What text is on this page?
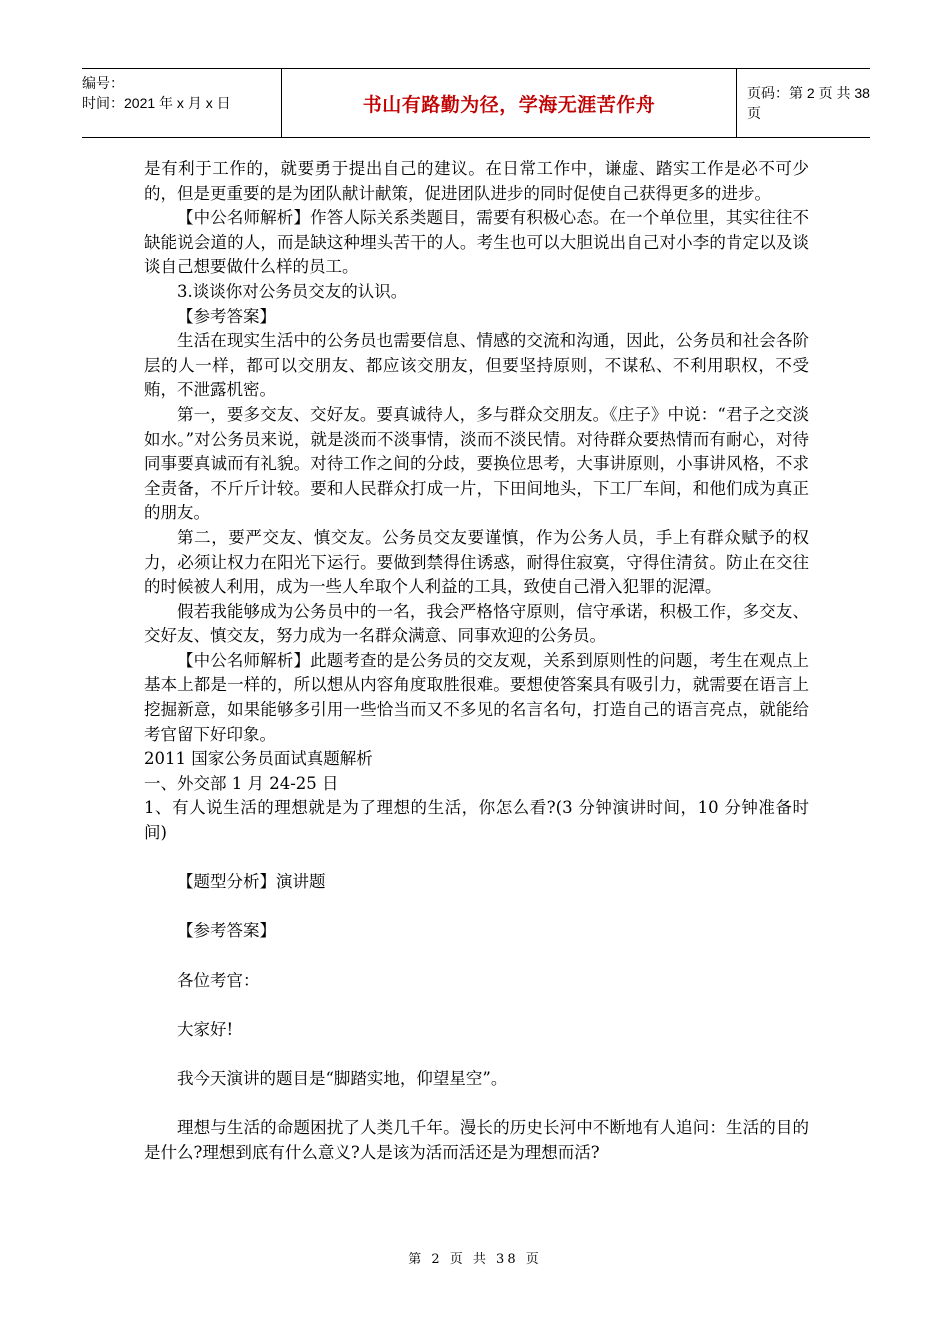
编号：
时间：2021 年 x 月 x 日	书山有路勤为径，学海无涯苦作舟
页码：第 2 页 共 38 页

是有利于工作的，就要勇于提出自己的建议。在日常工作中，谦虚、踏实工作是必不可少的，但是更重要的是为团队献计献策，促进团队进步的同时促使自己获得更多的进步。

【中公名师解析】作答人际关系类题目，需要有积极心态。在一个单位里，其实往往不缺能说会道的人，而是缺这种埋头苦干的人。考生也可以大胆说出自己对小李的肯定以及谈谈自己想要做什么样的员工。

3.谈谈你对公务员交友的认识。

【参考答案】

生活在现实生活中的公务员也需要信息、情感的交流和沟通，因此，公务员和社会各阶层的人一样，都可以交朋友、都应该交朋友，但要坚持原则，不谋私、不利用职权，不受贿，不泄露机密。

第一，要多交友、交好友。要真诚待人，多与群众交朋友。《庄子》中说：“君子之交淡如水。”对公务员来说，就是淡而不淡事情，淡而不淡民情。对待群众要热情而有耐心，对待同事要真诚而有礼貌。对待工作之间的分歧，要换位思考，大事讲原则，小事讲风格，不求全责备，不斤斤计较。要和人民群众打成一片，下田间地头，下工厂车间，和他们成为真正的朋友。

第二，要严交友、慎交友。公务员交友要谨慎，作为公务人员，手上有群众赋予的权力，必须让权力在阳光下运行。要做到禁得住诱惑，耐得住寂寞，守得住清贫。防止在交往的时候被人利用，成为一些人牟取个人利益的工具，致使自己滑入犯罪的泥潭。

假若我能够成为公务员中的一名，我会严格恪守原则，信守承诺，积极工作，多交友、交好友、慎交友，努力成为一名群众满意、同事欢迎的公务员。

【中公名师解析】此题考查的是公务员的交友观，关系到原则性的问题，考生在观点上基本上都是一样的，所以想从内容角度取胜很难。要想使答案具有吸引力，就需要在语言上挖掘新意，如果能够多引用一些恰当而又不多见的名言名句，打造自己的语言亮点，就能给考官留下好印象。

2011 国家公务员面试真题解析

一、外交部 1 月 24-25 日

1、有人说生活的理想就是为了理想的生活，你怎么看?(3 分钟演讲时间，10 分钟准备时间)

【题型分析】演讲题

【参考答案】

各位考官：

大家好!

我今天演讲的题目是“脚踏实地，仰望星空”。

理想与生活的命题困扰了人类几千年。漫长的历史长河中不断地有人追问：生活的目的是什么?理想到底有什么意义?人是该为活而活还是为理想而活?

第 2 页 共 38 页
